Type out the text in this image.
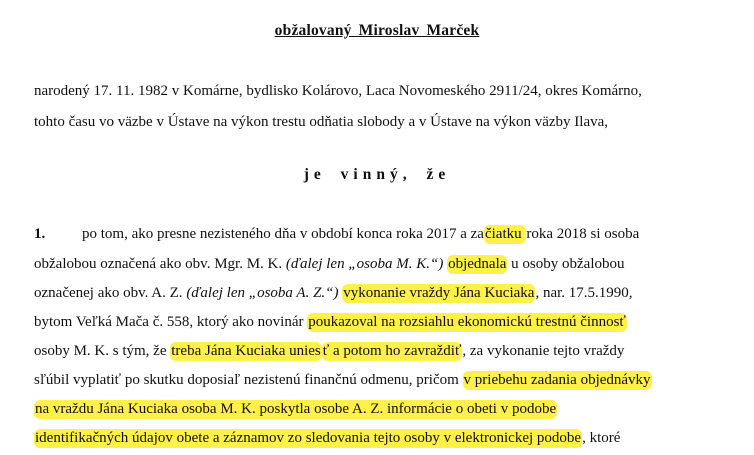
obžalovaný Miroslav Marček
narodený 17. 11. 1982 v Komárne, bydlisko Kolárovo, Laca Novomeského 2911/24, okres Komárno,
tohto času vo väzbe v Ústave na výkon trestu odňatia slobody a v Ústave na výkon väzby Ilava,
je vinný, že
1. po tom, ako presne nezisteného dňa v období konca roka 2017 a začiatku roka 2018 si osoba
obžalobou označená ako obv. Mgr. M. K. (ďalej len „osoba M. K.“) objednala u osoby obžalobou
označenej ako obv. A. Z. (ďalej len „osoba A. Z.“) vykonanie vraždy Jána Kuciaka, nar. 17.5.1990,
bytom Veľká Mača č. 558, ktorý ako novinár poukazoval na rozsiahlu ekonomickú trestnú činnosť
osoby M. K. s tým, že treba Jána Kuciaka unies ť a potom ho zavraždiť, za vykonanie tejto vraždy
sľúbil vyplatiť po skutku doposiaľ nezistenú finančnú odmenu, pričom v priebehu zadania objednávky
na vraždu Jána Kuciaka osoba M. K. poskytla osobe A. Z. informácie o obeti v podobe
identifikačných údajov obete a záznamov zo sledovania tejto osoby v elektronickej podobe, ktoré
